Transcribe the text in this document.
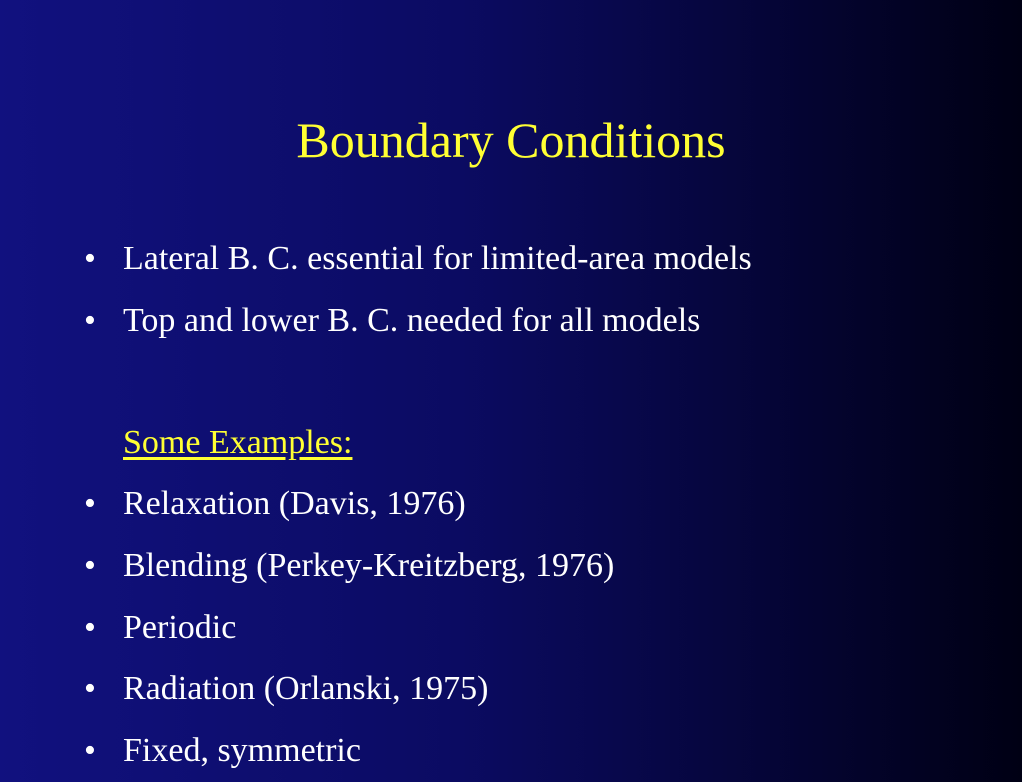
Boundary Conditions
• Lateral B. C. essential for limited-area models
• Top and lower B. C. needed for all models
Some Examples:
• Relaxation (Davis, 1976)
• Blending (Perkey-Kreitzberg, 1976)
• Periodic
• Radiation (Orlanski, 1975)
• Fixed, symmetric
